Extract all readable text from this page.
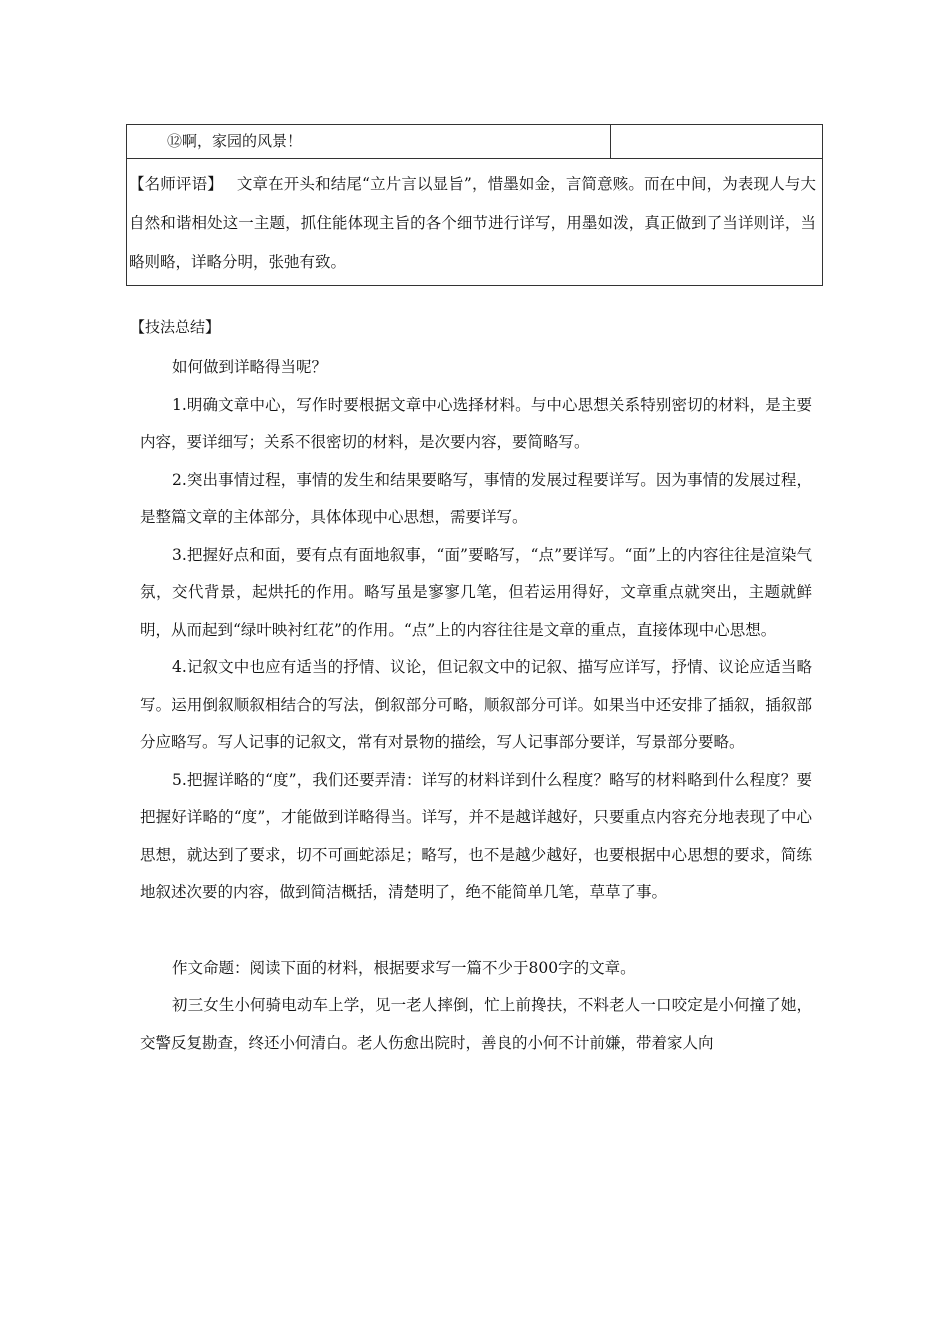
⑫啊，家园的风景！
【名师评语】 文章在开头和结尾“立片言以显旨”，惜墨如金，言简意赅。而在中间，为表现人与大自然和谐相处这一主题，抓住能体现主旨的各个细节进行详写，用墨如泼，真正做到了当详则详，当略则略，详略分明，张弛有致。
【技法总结】

如何做到详略得当呢？

1.明确文章中心，写作时要根据文章中心选择材料。与中心思想关系特别密切的材料，是主要内容，要详细写；关系不很密切的材料，是次要内容，要简略写。

2.突出事情过程，事情的发生和结果要略写，事情的发展过程要详写。因为事情的发展过程，是整篇文章的主体部分，具体体现中心思想，需要详写。

3.把握好点和面，要有点有面地叙事，“面”要略写，“点”要详写。“面”上的内容往往是渲染气氛，交代背景，起烘托的作用。略写虽是寥寥几笔，但若运用得好，文章重点就突出，主题就鲜明，从而起到“绿叶映衬红花”的作用。“点”上的内容往往是文章的重点，直接体现中心思想。

4.记叙文中也应有适当的抒情、议论，但记叙文中的记叙、描写应详写，抒情、议论应适当略写。运用倒叙顺叙相结合的写法，倒叙部分可略，顺叙部分可详。如果当中还安排了插叙，插叙部分应略写。写人记事的记叙文，常有对景物的描绘，写人记事部分要详，写景部分要略。

5.把握详略的“度”，我们还要弄清：详写的材料详到什么程度？略写的材料略到什么程度？要把握好详略的“度”，才能做到详略得当。详写，并不是越详越好，只要重点内容充分地表现了中心思想，就达到了要求，切不可画蛇添足；略写，也不是越少越好，也要根据中心思想的要求，简练地叙述次要的内容，做到简洁概括，清楚明了，绝不能简单几笔，草草了事。

作文命题：阅读下面的材料，根据要求写一篇不少于800字的文章。

初三女生小何骑电动车上学，见一老人摔倒，忙上前搀扶，不料老人一口咬定是小何撞了她，交警反复勘查，终还小何清白。老人伤愈出院时，善良的小何不计前嫌，带着家人向
